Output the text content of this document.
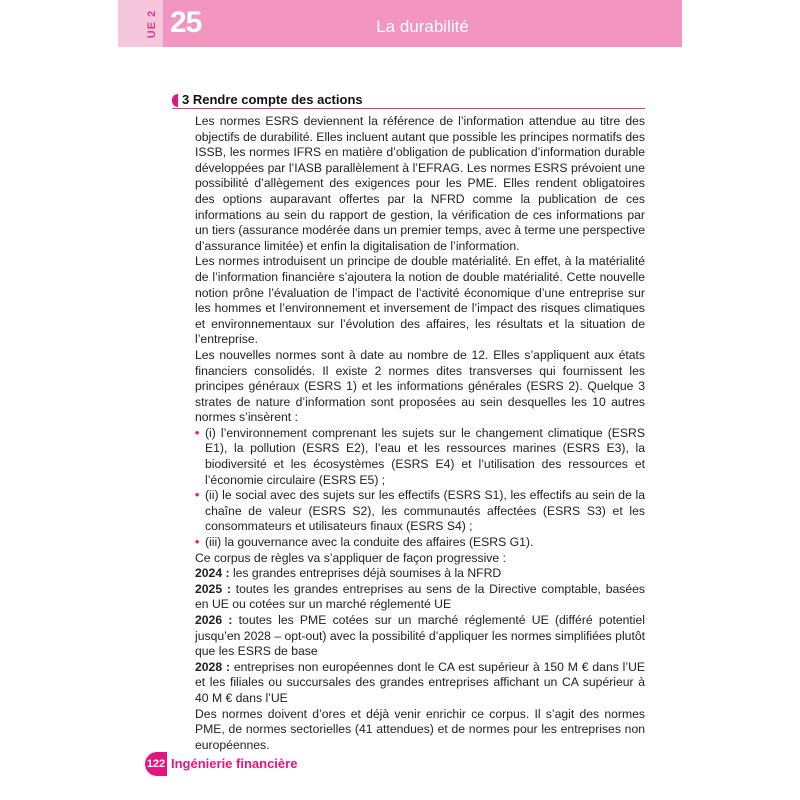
UE 2 25	La durabilité
3 Rendre compte des actions

Les normes ESRS deviennent la référence de l’information attendue au titre des objectifs de durabilité. Elles incluent autant que possible les principes normatifs des ISSB, les normes IFRS en matière d’obligation de publication d’information durable développées par l’IASB parallèlement à l’EFRAG. Les normes ESRS prévoient une possibilité d’allègement des exigences pour les PME. Elles rendent obligatoires des options auparavant offertes par la NFRD comme la publication de ces informations au sein du rapport de gestion, la vérification de ces informations par un tiers (assurance modérée dans un premier temps, avec à terme une perspective d’assurance limitée) et enfin la digitalisation de l’information.

Les normes introduisent un principe de double matérialité. En effet, à la matérialité de l’information financière s’ajoutera la notion de double matérialité. Cette nouvelle notion prône l’évaluation de l’impact de l’activité économique d’une entreprise sur les hommes et l’environnement et inversement de l’impact des risques climatiques et environnementaux sur l’évolution des affaires, les résultats et la situation de l’entreprise.

Les nouvelles normes sont à date au nombre de 12. Elles s’appliquent aux états financiers consolidés. Il existe 2 normes dites transverses qui fournissent les principes généraux (ESRS 1) et les informations générales (ESRS 2). Quelque 3 strates de nature d’information sont proposées au sein desquelles les 10 autres normes s’insèrent :

• (i) l’environnement comprenant les sujets sur le changement climatique (ESRS E1), la pollution (ESRS E2), l’eau et les ressources marines (ESRS E3), la biodiversité et les écosystèmes (ESRS E4) et l’utilisation des ressources et l’économie circulaire (ESRS E5) ;
• (ii) le social avec des sujets sur les effectifs (ESRS S1), les effectifs au sein de la chaîne de valeur (ESRS S2), les communautés affectées (ESRS S3) et les consommateurs et utilisateurs finaux (ESRS S4) ;
• (iii) la gouvernance avec la conduite des affaires (ESRS G1).

Ce corpus de règles va s’appliquer de façon progressive :

2024 : les grandes entreprises déjà soumises à la NFRD

2025 : toutes les grandes entreprises au sens de la Directive comptable, basées en UE ou cotées sur un marché réglementé UE

2026 : toutes les PME cotées sur un marché réglementé UE (différé potentiel jusqu’en 2028 – opt-out) avec la possibilité d’appliquer les normes simplifiées plutôt que les ESRS de base

2028 : entreprises non européennes dont le CA est supérieur à 150 M € dans l’UE et les filiales ou succursales des grandes entreprises affichant un CA supérieur à 40 M € dans l’UE

Des normes doivent d’ores et déjà venir enrichir ce corpus. Il s’agit des normes PME, de normes sectorielles (41 attendues) et de normes pour les entreprises non européennes.

122 Ingénierie financière
